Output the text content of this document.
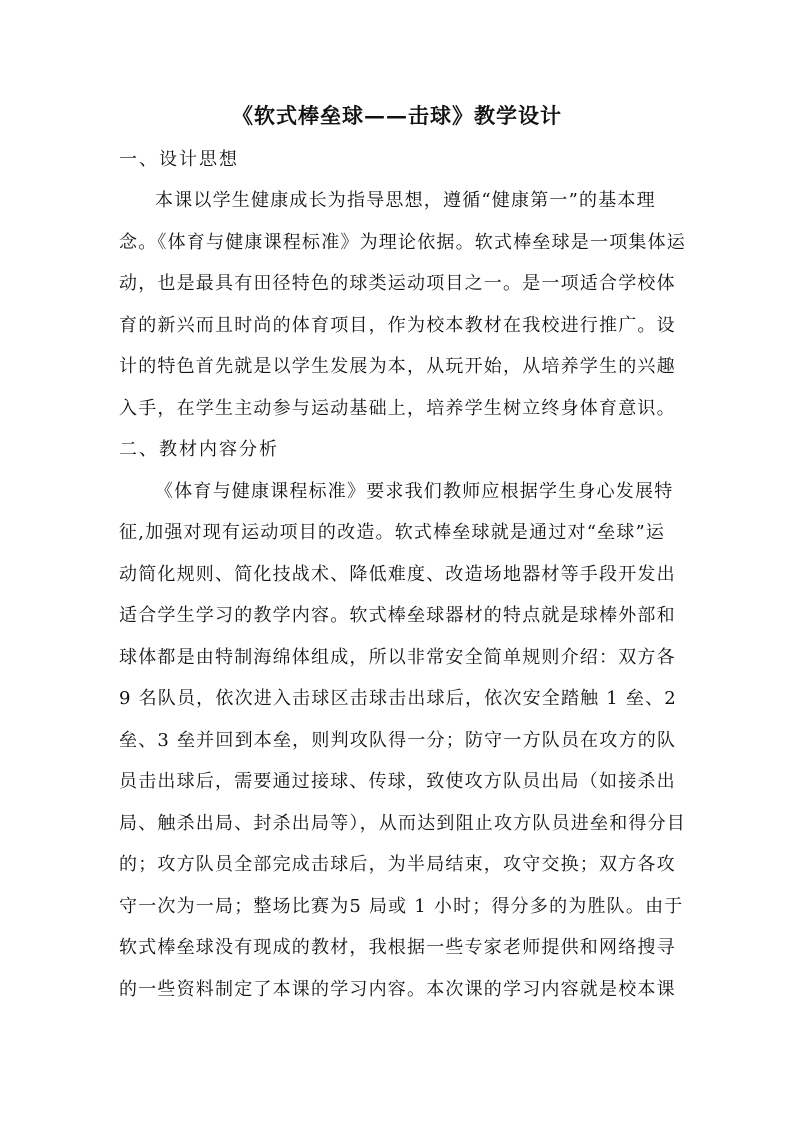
《软式棒垒球——击球》教学设计
一、设计思想
本课以学生健康成长为指导思想，遵循“健康第一”的基本理
念。《体育与健康课程标准》为理论依据。软式棒垒球是一项集体运
动，也是最具有田径特色的球类运动项目之一。是一项适合学校体
育的新兴而且时尚的体育项目，作为校本教材在我校进行推广。设
计的特色首先就是以学生发展为本，从玩开始，从培养学生的兴趣
入手，在学生主动参与运动基础上，培养学生树立终身体育意识。
二、教材内容分析
《体育与健康课程标准》要求我们教师应根据学生身心发展特
征,加强对现有运动项目的改造。软式棒垒球就是通过对“垒球”运
动简化规则、简化技战术、降低难度、改造场地器材等手段开发出
适合学生学习的教学内容。软式棒垒球器材的特点就是球棒外部和
球体都是由特制海绵体组成，所以非常安全简单规则介绍：双方各
9 名队员，依次进入击球区击球击出球后，依次安全踏触 1 垒、2
垒、3 垒并回到本垒，则判攻队得一分；防守一方队员在攻方的队
员击出球后，需要通过接球、传球，致使攻方队员出局（如接杀出
局、触杀出局、封杀出局等），从而达到阻止攻方队员进垒和得分目
的；攻方队员全部完成击球后，为半局结束，攻守交换；双方各攻
守一次为一局；整场比赛为5 局或 1 小时；得分多的为胜队。由于
软式棒垒球没有现成的教材，我根据一些专家老师提供和网络搜寻
的一些资料制定了本课的学习内容。本次课的学习内容就是校本课
